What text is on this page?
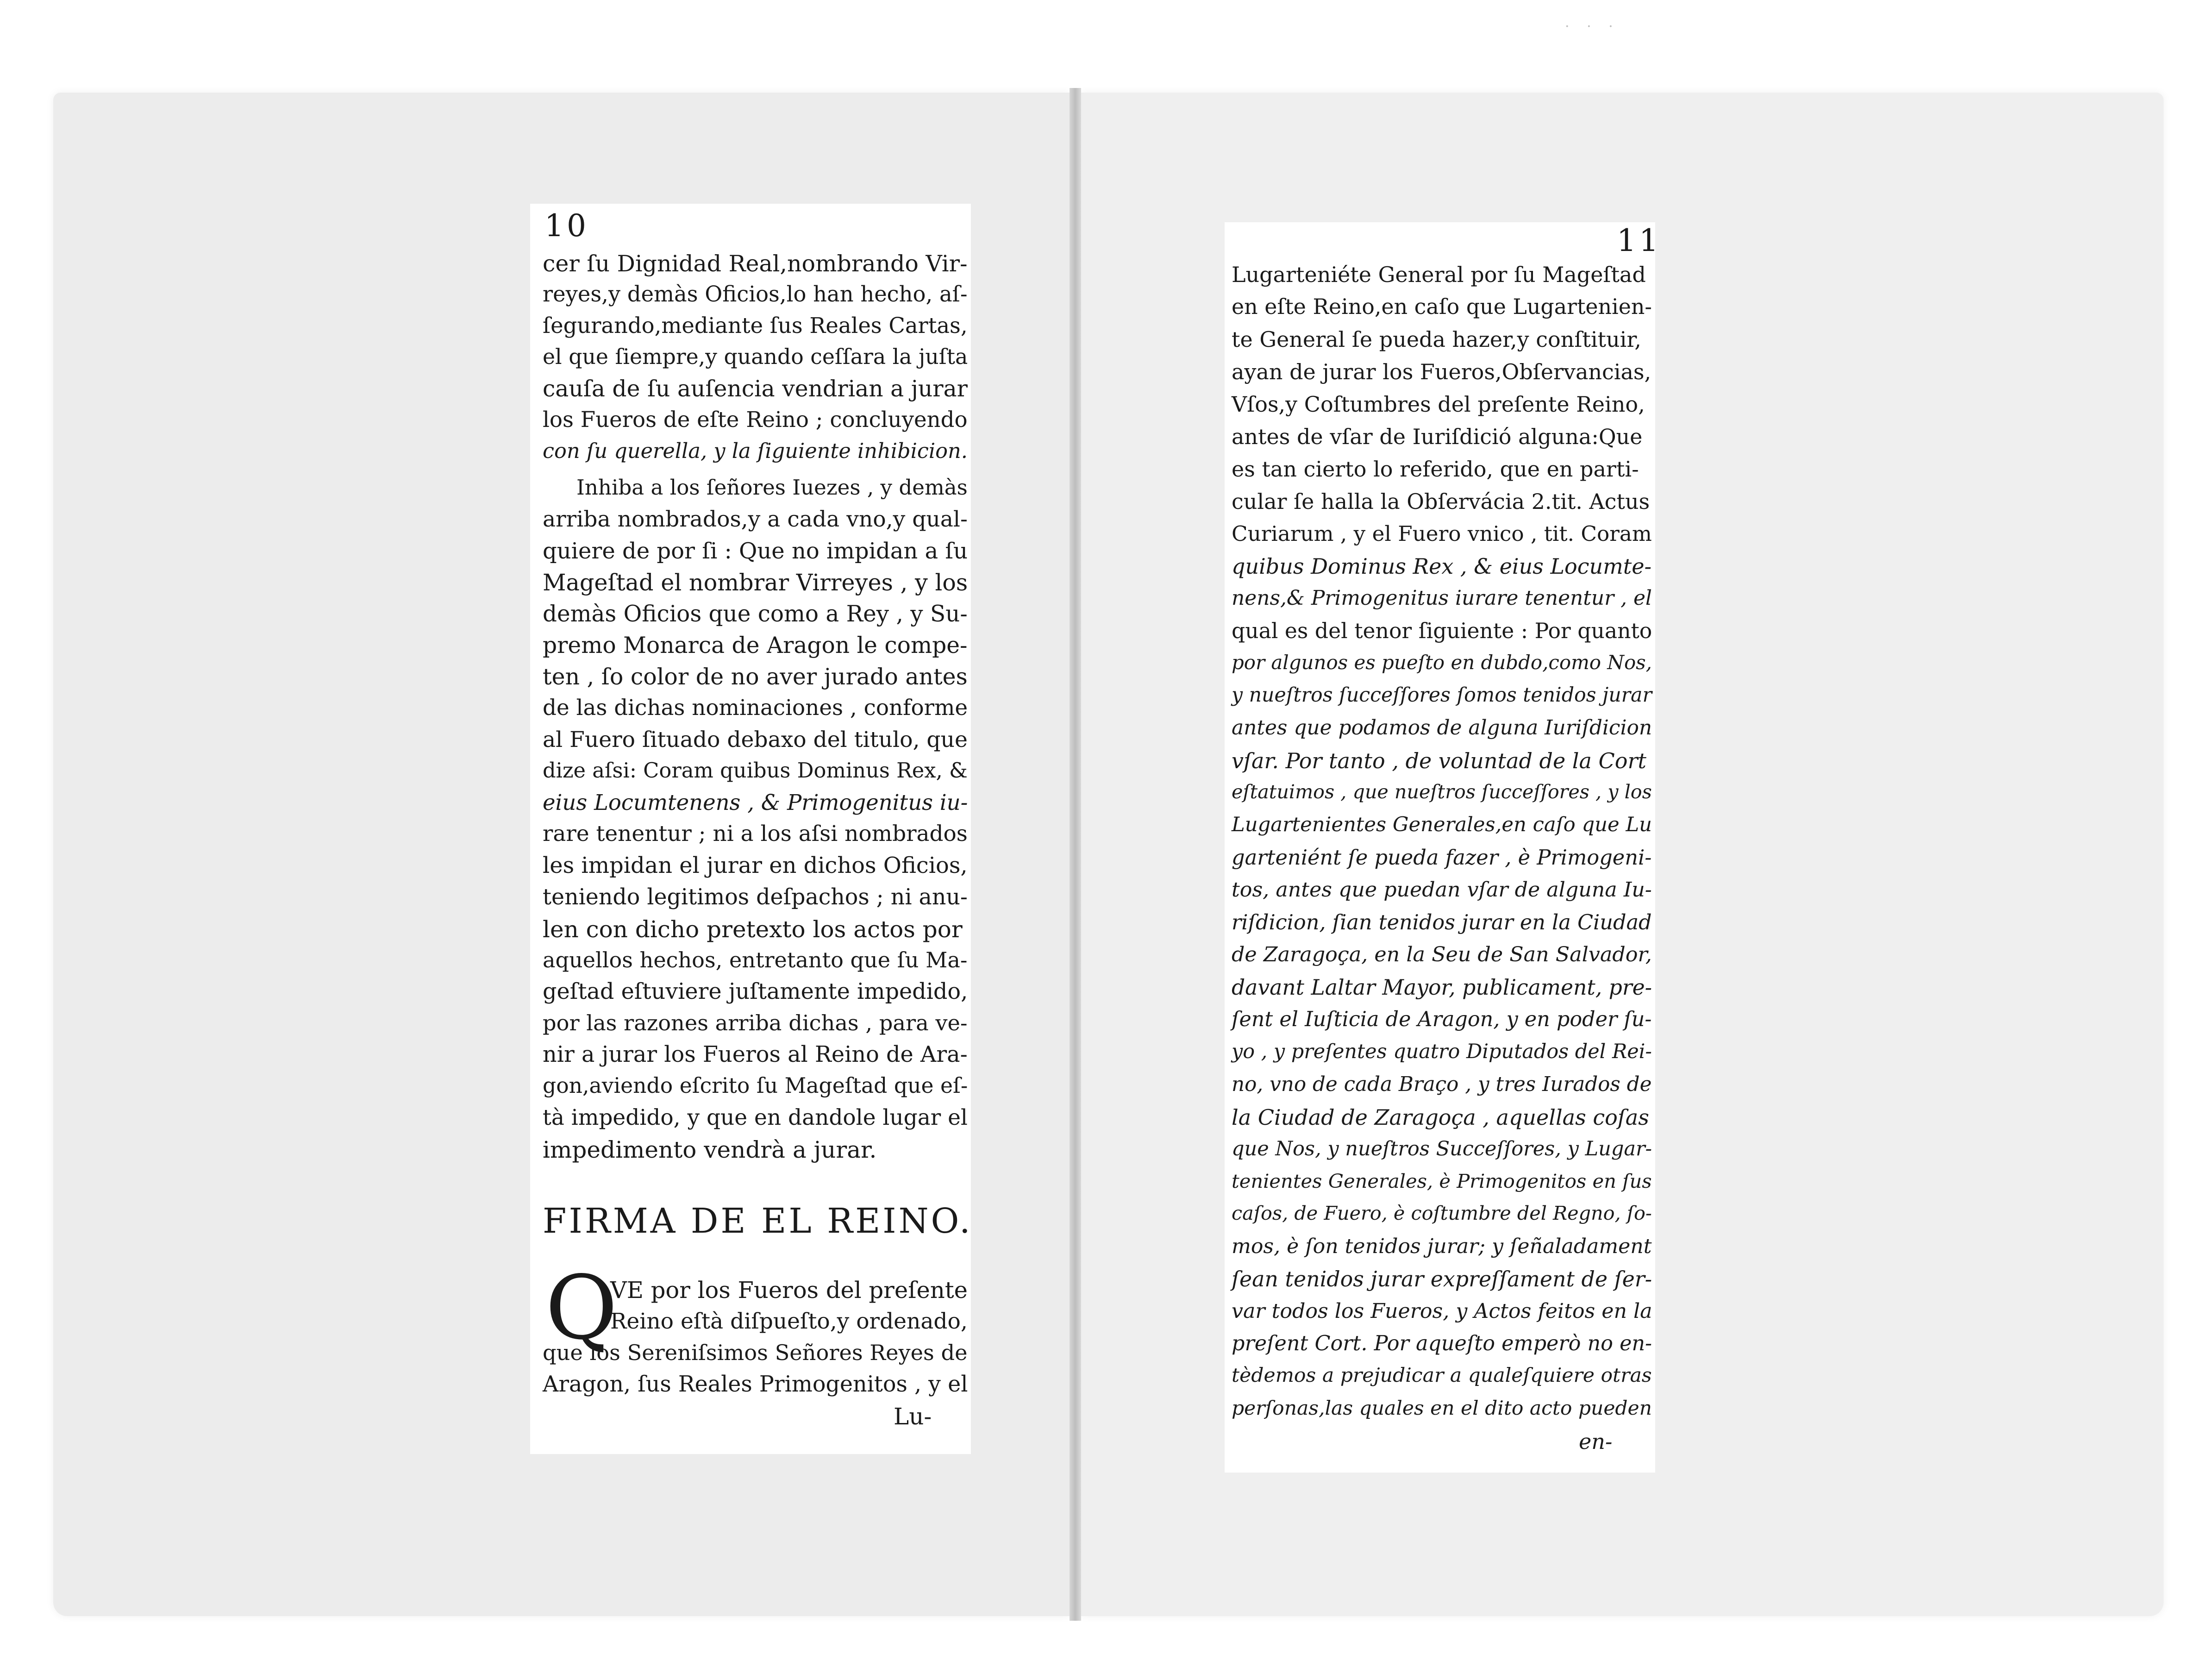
· · ·
10	11

cer ſu Dignidad Real,nombrando Vir-

reyes,y demàs Oficios,lo han hecho, aſ-

ſegurando,mediante ſus Reales Cartas,

el que ſiempre,y quando ceſſara la juſta

cauſa de ſu auſencia vendrian a jurar

los Fueros de eſte Reino ; concluyendo

con ſu querella, y la ſiguiente inhibicion.

Inhiba a los ſeñores Iuezes , y demàs

arriba nombrados,y a cada vno,y qual-

quiere de por ſi : Que no impidan a ſu

Mageſtad el nombrar Virreyes , y los

demàs Oficios que como a Rey , y Su-

premo Monarca de Aragon le compe-

ten , ſo color de no aver jurado antes

de las dichas nominaciones , conforme

al Fuero ſituado debaxo del titulo, que

dize aſsi: Coram quibus Dominus Rex, &

eius Locumtenens , & Primogenitus iu-

rare tenentur ; ni a los aſsi nombrados

les impidan el jurar en dichos Oficios,

teniendo legitimos deſpachos ; ni anu-

len con dicho pretexto los actos por

aquellos hechos, entretanto que ſu Ma-

geſtad eſtuviere juſtamente impedido,

por las razones arriba dichas , para ve-

nir a jurar los Fueros al Reino de Ara-

gon,aviendo eſcrito ſu Mageſtad que eſ-

tà impedido, y que en dandole lugar el

impedimento vendrà a jurar.

FIRMA DE EL REINO.

Q

VE por los Fueros del preſente

Reino eſtà diſpueſto,y ordenado,

que los Sereniſsimos Señores Reyes de

Aragon, ſus Reales Primogenitos , y el

Lu-

Lugarteniéte General por ſu Mageſtad

en eſte Reino,en caſo que Lugartenien-

te General ſe pueda hazer,y conſtituir,

ayan de jurar los Fueros,Obſervancias,

Vſos,y Coſtumbres del preſente Reino,

antes de vſar de Iuriſdició alguna:Que

es tan cierto lo referido, que en parti-

cular ſe halla la Obſervácia 2.tit. Actus

Curiarum , y el Fuero vnico , tit. Coram

quibus Dominus Rex , & eius Locumte-

nens,& Primogenitus iurare tenentur , el

qual es del tenor ſiguiente : Por quanto

por algunos es pueſto en dubdo,como Nos,

y nueſtros ſucceſſores ſomos tenidos jurar

antes que podamos de alguna Iuriſdicion

vſar. Por tanto , de voluntad de la Cort

eſtatuimos , que nueſtros ſucceſſores , y los

Lugartenientes Generales,en caſo que Lu

garteniént ſe pueda fazer , è Primogeni-

tos, antes que puedan vſar de alguna Iu-

riſdicion, ſian tenidos jurar en la Ciudad

de Zaragoça, en la Seu de San Salvador,

davant Laltar Mayor, publicament, pre-

ſent el Iuſticia de Aragon, y en poder ſu-

yo , y preſentes quatro Diputados del Rei-

no, vno de cada Braço , y tres Iurados de

la Ciudad de Zaragoça , aquellas coſas

que Nos, y nueſtros Succeſſores, y Lugar-

tenientes Generales, è Primogenitos en ſus

caſos, de Fuero, è coſtumbre del Regno, ſo-

mos, è ſon tenidos jurar; y ſeñaladament

ſean tenidos jurar expreſſament de ſer-

var todos los Fueros, y Actos feitos en la

preſent Cort. Por aqueſto emperò no en-

tèdemos a prejudicar a qualeſquiere otras

perſonas,las quales en el dito acto pueden

en-
